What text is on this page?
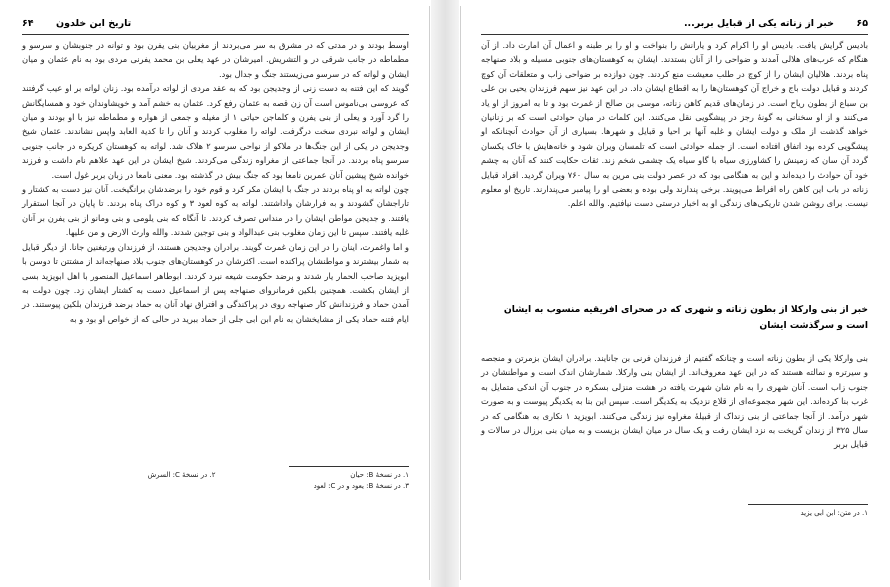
۶۴ تاریخ ابن خلدون

اوسط بودند و در مدتی که در مشرق به سر می‌بردند از مغربیان بنی یفرن بود و توانه در جنوبشان و سرسو و مطماطه در جانب شرقی در و التشریش. امیرشان در عهد یعلی بن محمد یفرنی مردی بود به نام عثمان و میان ایشان و لواته که در سرسو می‌زیستند جنگ و جدال بود.

گویند که این فتنه به دست زنی از وجدیجن بود که به عقد مردی از لواته درآمده بود. زنان لواته بر او عیب گرفتند که عروسی بی‌ناموس است آن زن قصه به عثمان رفع کرد. عثمان به خشم آمد و خویشاوندان خود و همسایگانش را گرد آورد و یعلی از بنی یفرن و کلماجن حیاتی ۱ از مغیله و جمعی از هواره و مطماطه نیز با او بودند و میان ایشان و لواته نبردی سخت درگرفت. لواته را مغلوب کردند و آنان را تا کدیة العابد واپس نشاندند. عثمان شیخ وجدیجن در یکی از این جنگ‌ها در ملاکو از نواحی سرسو ۲ هلاک شد. لواته به کوهستان کریکره در جانب جنوبی سرسو پناه بردند. در آنجا جماعتی از مغراوه زندگی می‌کردند. شیخ ایشان در این عهد علاهم نام داشت و فرزند خوانده شیخ پیشین آنان عمربن نامعا بود که جنگ بیش در گذشته بود. معنی نامعا در زبان بربر غول است.

چون لواته به او پناه بردند در جنگ با ایشان مکر کرد و قوم خود را برضدشان برانگیخت. آنان نیز دست به کشتار و تاراجشان گشودند و به فرارشان واداشتند. لواته به کوه لعود ۳ و کوه دراک پناه بردند. تا پایان در آنجا استقرار یافتند. و جدیجن مواطن ایشان را در منداس تصرف کردند. تا آنگاه که بنی یلومی و بنی ومانو از بنی یفرن بر آنان غلبه یافتند. سپس تا این زمان مغلوب بنی عبدالواد و بنی توجین شدند. والله وارث الارض و من علیها.

و اما واغمرت، اینان را در این زمان غمرت گویند. برادران وجدیجن هستند، از فرزندان ورتیغنین جانا. از دیگر قبایل به شمار بیشترند و مواطنشان پراکنده است. اکثرشان در کوهستان‌های جنوب بلاد صنهاجه‌اند از مشتتن تا دوسن با ابویزید صاحب الحمار یار شدند و برضد حکومت شیعه نبرد کردند. ابوطاهر اسماعیل المنصور با اهل ابویزید بسی از ایشان بکشت. همچنین بلکین فرمانروای صنهاجه پس از اسماعیل دست به کشتار ایشان زد. چون دولت به آمدن حماد و فرزندانش کار صنهاجه روی در پراکندگی و افتراق نهاد آنان به حماد برضد فرزندان بلکین پیوستند. در ایام فتنه حماد یکی از مشایخشان به نام ابن ابی جلی از حماد ببرید در حالی که از خواص او بود و به

۱. در نسخهٔ B: حیان
۲. در نسخهٔ C: السرش
۳. در نسخهٔ B: یعود و در C: لعود
۶۵
خبر از زناته یکی از قبایل بربر...

بادیس گرایش یافت. بادیس او را اکرام کرد و یارانش را بنواخت و او را بر طبنه و اعمال آن امارت داد. از آن هنگام که عرب‌های هلالی آمدند و ضواحی را از آنان بستدند. ایشان به کوهستان‌های جنوبی مسیله و بلاد صنهاجه پناه بردند. هلالیان ایشان را از کوچ در طلب معیشت منع کردند. چون دوازده بر ضواحی زاب و متعلقات آن کوچ کردند و قبایل دولت باج و خراج آن کوهستان‌ها را به اقطاع ایشان داد. در این عهد نیز سهم فرزندان یحیی بن علی بن سباع از بطون ریاح است. در زمان‌های قدیم کاهن زناته، موسی بن صالح از غمرت بود و تا به امروز از او یاد می‌کنند و از او سخنانی به گونهٔ رجز در پیشگویی نقل می‌کنند. این کلمات در میان حوادثی است که بر زنانیان خواهد گذشت از ملک و دولت ایشان و غلبه آنها بر احیا و قبایل و شهرها. بسیاری از آن حوادث آنچنانکه او پیشگویی کرده بود اتفاق افتاده است. از جمله حوادثی است که تلمسان ویران شود و خانه‌هایش با خاک یکسان گردد آن سان که زمینش را کشاورزی سیاه با گاو سیاه یک چشمی شخم زند. ثقات حکایت کنند که آنان به چشم خود آن حوادث را دیده‌اند و این به هنگامی بود که در عصر دولت بنی مرین به سال ۷۶۰ ویران گردید. افراد قبایل زناته در باب این کاهن راه افراط می‌پویند. برخی پندارند ولی بوده و بعضی او را پیامبر می‌پندارند. تاریخ او معلوم نیست. برای روشن شدن تاریکی‌های زندگی او به اخبار درستی دست نیافتیم. والله اعلم.

خبر از بنی وارکلا از بطون زناته و شهری که در صحرای افریقیه منسوب به ایشان است و سرگذشت ایشان

بنی وارکلا یکی از بطون زناته است و چنانکه گفتیم از فرزندان فرنی بن جانا‌یند. برادران ایشان بزمرتن و منجصه و سیرتره و نمالته هستند که در این عهد معروف‌اند. از ایشان بنی وارکلا. شمارشان اندک است و مواطنشان در جنوب زاب است. آنان شهری را به نام شان شهرت یافته در هشت منزلی بسکره در جنوب آن اندکی متمایل به غرب بنا کرده‌اند. این شهر مجموعه‌ای از قلاع نزدیک به یکدیگر است. سپس این بنا به یکدیگر پیوست و به صورت شهر درآمد. از آنجا جماعتی از بنی زنداک از قبیلهٔ مغراوه نیز زندگی می‌کنند. ابویزید ۱ نکاری به هنگامی که در سال ۳۲۵ از زندان گریخت به نزد ایشان رفت و یک سال در میان ایشان بزیست و به میان بنی برزال در سالات و قبایل بربر

۱. در متن: ابن ابی یزید
